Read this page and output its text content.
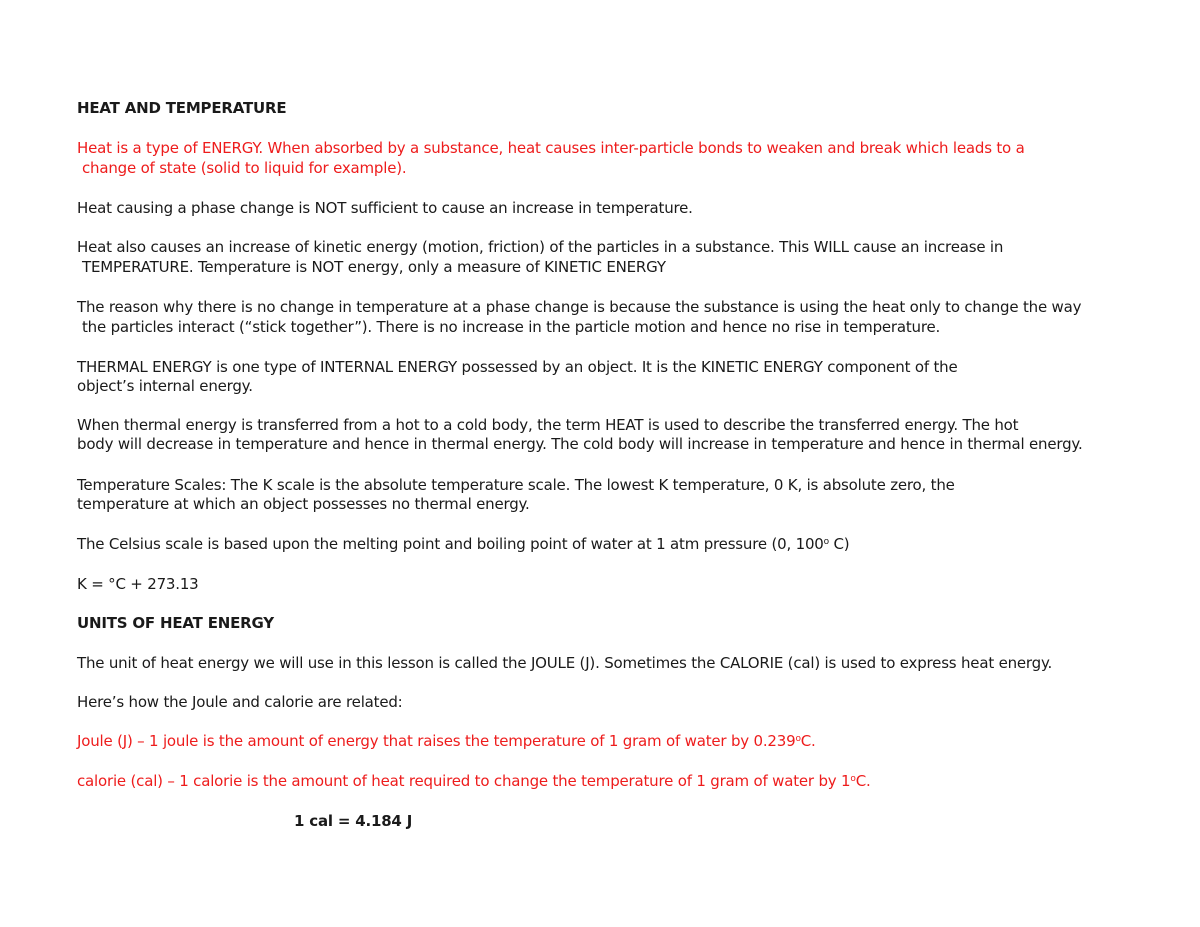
HEAT AND TEMPERATURE
Heat is a type of ENERGY. When absorbed by a substance, heat causes inter-particle bonds to weaken and break which leads to a
change of state (solid to liquid for example).
Heat causing a phase change is NOT sufficient to cause an increase in temperature.
Heat also causes an increase of kinetic energy (motion, friction) of the particles in a substance. This WILL cause an increase in
TEMPERATURE. Temperature is NOT energy, only a measure of KINETIC ENERGY
The reason why there is no change in temperature at a phase change is because the substance is using the heat only to change the way
the particles interact (“stick together”). There is no increase in the particle motion and hence no rise in temperature.
THERMAL ENERGY is one type of INTERNAL ENERGY possessed by an object. It is the KINETIC ENERGY component of the
object’s internal energy.
When thermal energy is transferred from a hot to a cold body, the term HEAT is used to describe the transferred energy. The hot
body will decrease in temperature and hence in thermal energy. The cold body will increase in temperature and hence in thermal energy.
Temperature Scales: The K scale is the absolute temperature scale. The lowest K temperature, 0 K, is absolute zero, the
temperature at which an object possesses no thermal energy.
The Celsius scale is based upon the melting point and boiling point of water at 1 atm pressure (0, 100$^o$ C)
K = °C + 273.13
UNITS OF HEAT ENERGY
The unit of heat energy we will use in this lesson is called the JOULE (J). Sometimes the CALORIE (cal) is used to express heat energy.
Here’s how the Joule and calorie are related:
Joule (J) – 1 joule is the amount of energy that raises the temperature of 1 gram of water by 0.239$^o$C.
calorie (cal) – 1 calorie is the amount of heat required to change the temperature of 1 gram of water by 1$^o$C.
1 cal = 4.184 J
